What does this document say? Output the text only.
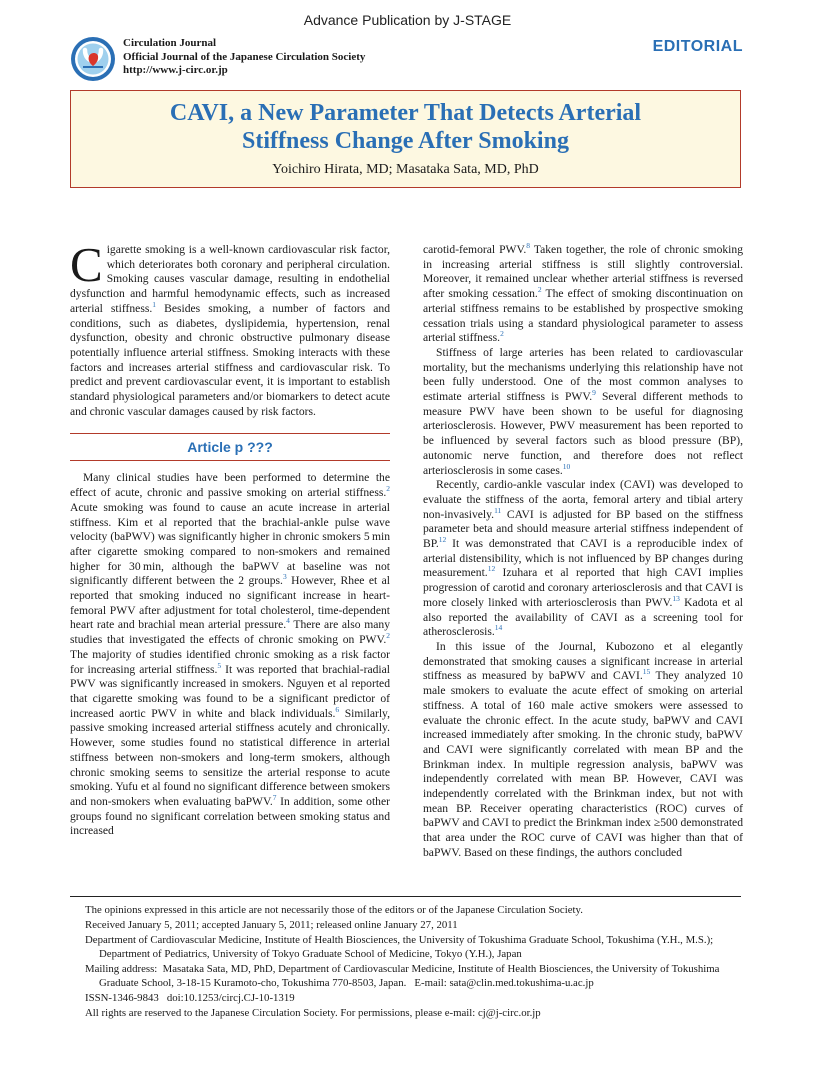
Advance Publication by J-STAGE
Circulation Journal
Official Journal of the Japanese Circulation Society
http://www.j-circ.or.jp
EDITORIAL
CAVI, a New Parameter That Detects Arterial
Stiffness Change After Smoking
Yoichiro Hirata, MD; Masataka Sata, MD, PhD

Cigarette smoking is a well-known cardiovascular risk factor, which deteriorates both coronary and peripheral circulation. Smoking causes vascular damage, resulting in endothelial dysfunction and harmful hemodynamic effects, such as increased arterial stiffness.$^1$ Besides smoking, a number of factors and conditions, such as diabetes, dyslipidemia, hypertension, renal dysfunction, obesity and chronic obstructive pulmonary disease potentially influence arterial stiffness. Smoking interacts with these factors and increases arterial stiffness and cardiovascular risk. To predict and prevent cardiovascular event, it is important to establish standard physiological parameters and/or biomarkers to detect acute and chronic vascular damages caused by risk factors.

Article p ???

Many clinical studies have been performed to determine the effect of acute, chronic and passive smoking on arterial stiffness.$^2$ Acute smoking was found to cause an acute increase in arterial stiffness. Kim et al reported that the brachial-ankle pulse wave velocity (baPWV) was significantly higher in chronic smokers 5 min after cigarette smoking compared to non-smokers and remained higher for 30 min, although the baPWV at baseline was not significantly different between the 2 groups.$^3$ However, Rhee et al reported that smoking induced no significant increase in heart-femoral PWV after adjustment for total cholesterol, time-dependent heart rate and brachial mean arterial pressure.$^4$ There are also many studies that investigated the effects of chronic smoking on PWV.$^2$ The majority of studies identified chronic smoking as a risk factor for increasing arterial stiffness.$^5$ It was reported that brachial-radial PWV was significantly increased in smokers. Nguyen et al reported that cigarette smoking was found to be a significant predictor of increased aortic PWV in white and black individuals.$^6$ Similarly, passive smoking increased arterial stiffness acutely and chronically. However, some studies found no statistical difference in arterial stiffness between non-smokers and long-term smokers, although chronic smoking seems to sensitize the arterial response to acute smoking. Yufu et al found no significant difference between smokers and non-smokers when evaluating baPWV.$^7$ In addition, some other groups found no significant correlation between smoking status and increased

carotid-femoral PWV.$^8$ Taken together, the role of chronic smoking in increasing arterial stiffness is still slightly controversial. Moreover, it remained unclear whether arterial stiffness is reversed after smoking cessation.$^2$ The effect of smoking discontinuation on arterial stiffness remains to be established by prospective smoking cessation trials using a standard physiological parameter to assess arterial stiffness.$^2$

Stiffness of large arteries has been related to cardiovascular mortality, but the mechanisms underlying this relationship have not been fully understood. One of the most common analyses to estimate arterial stiffness is PWV.$^9$ Several different methods to measure PWV have been shown to be useful for diagnosing arteriosclerosis. However, PWV measurement has been reported to be influenced by several factors such as blood pressure (BP), autonomic nerve function, and therefore does not reflect arteriosclerosis in some cases.$^{10}$

Recently, cardio-ankle vascular index (CAVI) was developed to evaluate the stiffness of the aorta, femoral artery and tibial artery non-invasively.$^{11}$ CAVI is adjusted for BP based on the stiffness parameter beta and should measure arterial stiffness independent of BP.$^{12}$ It was demonstrated that CAVI is a reproducible index of arterial distensibility, which is not influenced by BP changes during measurement.$^{12}$ Izuhara et al reported that high CAVI implies progression of carotid and coronary arteriosclerosis and that CAVI is more closely linked with arteriosclerosis than PWV.$^{13}$ Kadota et al also reported the availability of CAVI as a screening tool for atherosclerosis.$^{14}$

In this issue of the Journal, Kubozono et al elegantly demonstrated that smoking causes a significant increase in arterial stiffness as measured by baPWV and CAVI.$^{15}$ They analyzed 10 male smokers to evaluate the acute effect of smoking on arterial stiffness. A total of 160 male active smokers were assessed to evaluate the chronic effect. In the acute study, baPWV and CAVI increased immediately after smoking. In the chronic study, baPWV and CAVI were significantly correlated with mean BP and the Brinkman index. In multiple regression analysis, baPWV was independently correlated with mean BP. However, CAVI was independently correlated with the Brinkman index, but not with mean BP. Receiver operating characteristics (ROC) curves of baPWV and CAVI to predict the Brinkman index ≥500 demonstrated that area under the ROC curve of CAVI was higher than that of baPWV. Based on these findings, the authors concluded

The opinions expressed in this article are not necessarily those of the editors or of the Japanese Circulation Society.
Received January 5, 2011; accepted January 5, 2011; released online January 27, 2011
Department of Cardiovascular Medicine, Institute of Health Biosciences, the University of Tokushima Graduate School, Tokushima (Y.H., M.S.); Department of Pediatrics, University of Tokyo Graduate School of Medicine, Tokyo (Y.H.), Japan
Mailing address:  Masataka Sata, MD, PhD, Department of Cardiovascular Medicine, Institute of Health Biosciences, the University of Tokushima Graduate School, 3-18-15 Kuramoto-cho, Tokushima 770-8503, Japan.   E-mail: sata@clin.med.tokushima-u.ac.jp
ISSN-1346-9843   doi:10.1253/circj.CJ-10-1319
All rights are reserved to the Japanese Circulation Society. For permissions, please e-mail: cj@j-circ.or.jp
